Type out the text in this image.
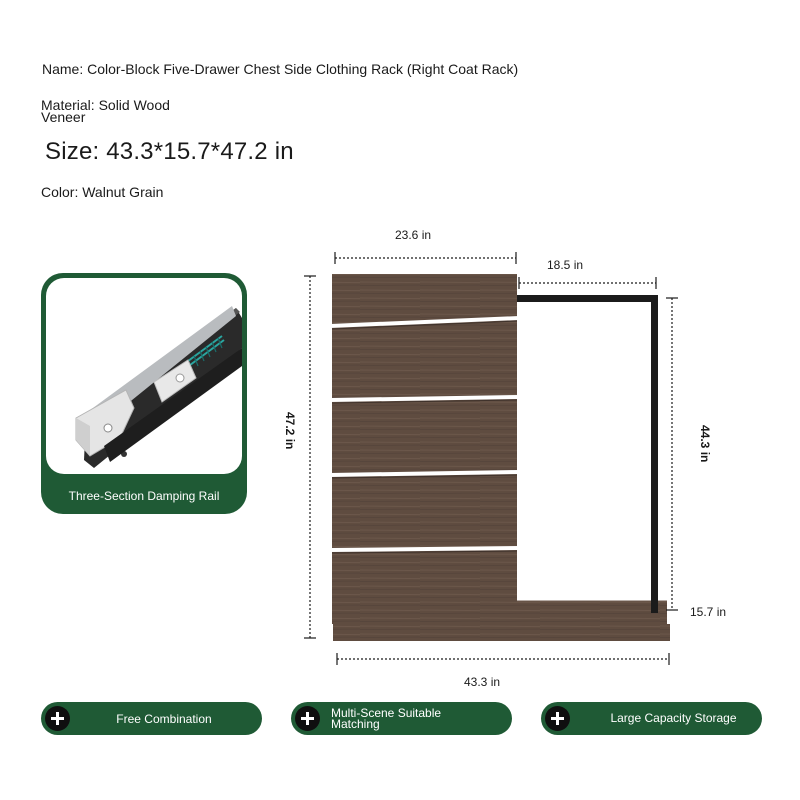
Name: Color-Block Five-Drawer Chest Side Clothing Rack (Right Coat Rack)
Material: Solid Wood
Veneer
Size: 43.3*15.7*47.2 in
Color: Walnut Grain
Three-Section Damping Rail
23.6 in
18.5 in
47.2 in	44.3 in
15.7 in
43.3 in
Free Combination	Multi-Scene Suitable
Matching	Large Capacity Storage
